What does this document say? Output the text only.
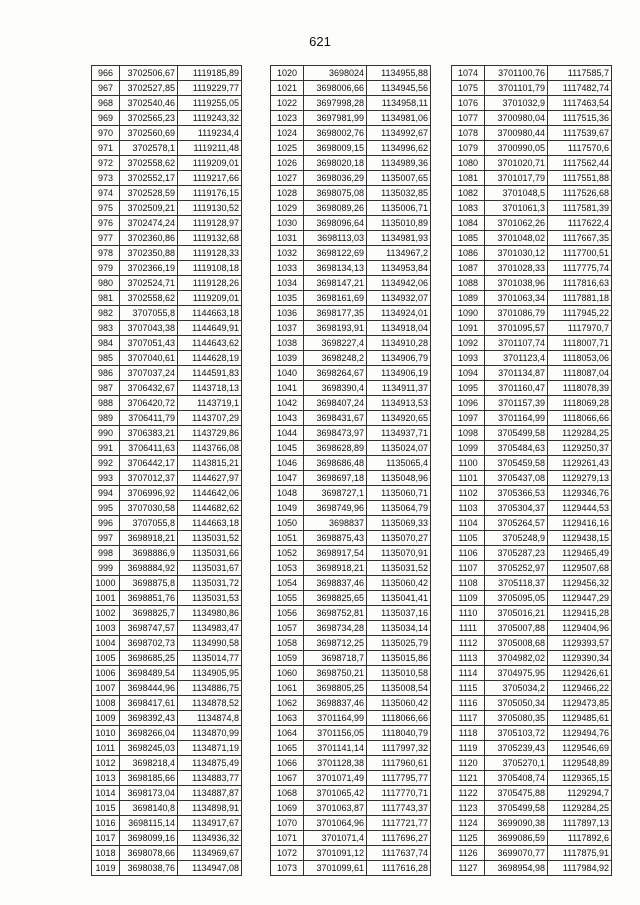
621
966	3702506,67	1119185,89
967	3702527,85	1119229,77
968	3702540,46	1119255,05
969	3702565,23	1119243,32
970	3702560,69	1119234,4
971	3702578,1	1119211,48
972	3702558,62	1119209,01
973	3702552,17	1119217,66
974	3702528,59	1119176,15
975	3702509,21	1119130,52
976	3702474,24	1119128,97
977	3702360,86	1119132,68
978	3702350,88	1119128,33
979	3702366,19	1119108,18
980	3702524,71	1119128,26
981	3702558,62	1119209,01
982	3707055,8	1144663,18
983	3707043,38	1144649,91
984	3707051,43	1144643,62
985	3707040,61	1144628,19
986	3707037,24	1144591,83
987	3706432,67	1143718,13
988	3706420,72	1143719,1
989	3706411,79	1143707,29
990	3706383,21	1143729,86
991	3706411,63	1143766,08
992	3706442,17	1143815,21
993	3707012,37	1144627,97
994	3706996,92	1144642,06
995	3707030,58	1144682,62
996	3707055,8	1144663,18
997	3698918,21	1135031,52
998	3698886,9	1135031,66
999	3698884,92	1135031,67
1000	3698875,8	1135031,72
1001	3698851,76	1135031,53
1002	3698825,7	1134980,86
1003	3698747,57	1134983,47
1004	3698702,73	1134990,58
1005	3698685,25	1135014,77
1006	3698489,54	1134905,95
1007	3698444,96	1134886,75
1008	3698417,61	1134878,52
1009	3698392,43	1134874,8
1010	3698266,04	1134870,99
1011	3698245,03	1134871,19
1012	3698218,4	1134875,49
1013	3698185,66	1134883,77
1014	3698173,04	1134887,87
1015	3698140,8	1134898,91
1016	3698115,14	1134917,67
1017	3698099,16	1134936,32
1018	3698078,66	1134969,67
1019	3698038,76	1134947,08
1020	3698024	1134955,88
1021	3698006,66	1134945,56
1022	3697998,28	1134958,11
1023	3697981,99	1134981,06
1024	3698002,76	1134992,67
1025	3698009,15	1134996,62
1026	3698020,18	1134989,36
1027	3698036,29	1135007,65
1028	3698075,08	1135032,85
1029	3698089,26	1135006,71
1030	3698096,64	1135010,89
1031	3698113,03	1134981,93
1032	3698122,69	1134967,2
1033	3698134,13	1134953,84
1034	3698147,21	1134942,06
1035	3698161,69	1134932,07
1036	3698177,35	1134924,01
1037	3698193,91	1134918,04
1038	3698227,4	1134910,28
1039	3698248,2	1134906,79
1040	3698264,67	1134906,19
1041	3698390,4	1134911,37
1042	3698407,24	1134913,53
1043	3698431,67	1134920,65
1044	3698473,97	1134937,71
1045	3698628,89	1135024,07
1046	3698686,48	1135065,4
1047	3698697,18	1135048,96
1048	3698727,1	1135060,71
1049	3698749,96	1135064,79
1050	3698837	1135069,33
1051	3698875,43	1135070,27
1052	3698917,54	1135070,91
1053	3698918,21	1135031,52
1054	3698837,46	1135060,42
1055	3698825,65	1135041,41
1056	3698752,81	1135037,16
1057	3698734,28	1135034,14
1058	3698712,25	1135025,79
1059	3698718,7	1135015,86
1060	3698750,21	1135010,58
1061	3698805,25	1135008,54
1062	3698837,46	1135060,42
1063	3701164,99	1118066,66
1064	3701156,05	1118040,79
1065	3701141,14	1117997,32
1066	3701128,38	1117960,61
1067	3701071,49	1117795,77
1068	3701065,42	1117770,71
1069	3701063,87	1117743,37
1070	3701064,96	1117721,77
1071	3701071,4	1117696,27
1072	3701091,12	1117637,74
1073	3701099,61	1117616,28
1074	3701100,76	1117585,7
1075	3701101,79	1117482,74
1076	3701032,9	1117463,54
1077	3700980,04	1117515,36
1078	3700980,44	1117539,67
1079	3700990,05	1117570,6
1080	3701020,71	1117562,44
1081	3701017,79	1117551,88
1082	3701048,5	1117526,68
1083	3701061,3	1117581,39
1084	3701062,26	1117622,4
1085	3701048,02	1117667,35
1086	3701030,12	1117700,51
1087	3701028,33	1117775,74
1088	3701038,96	1117816,63
1089	3701063,34	1117881,18
1090	3701086,79	1117945,22
1091	3701095,57	1117970,7
1092	3701107,74	1118007,71
1093	3701123,4	1118053,06
1094	3701134,87	1118087,04
1095	3701160,47	1118078,39
1096	3701157,39	1118069,28
1097	3701164,99	1118066,66
1098	3705499,58	1129284,25
1099	3705484,63	1129250,37
1100	3705459,58	1129261,43
1101	3705437,08	1129279,13
1102	3705366,53	1129346,76
1103	3705304,37	1129444,53
1104	3705264,57	1129416,16
1105	3705248,9	1129438,15
1106	3705287,23	1129465,49
1107	3705252,97	1129507,68
1108	3705118,37	1129456,32
1109	3705095,05	1129447,29
1110	3705016,21	1129415,28
1111	3705007,88	1129404,96
1112	3705008,68	1129393,57
1113	3704982,02	1129390,34
1114	3704975,95	1129426,61
1115	3705034,2	1129466,22
1116	3705050,34	1129473,85
1117	3705080,35	1129485,61
1118	3705103,72	1129494,76
1119	3705239,43	1129546,69
1120	3705270,1	1129548,89
1121	3705408,74	1129365,15
1122	3705475,88	1129294,7
1123	3705499,58	1129284,25
1124	3699090,38	1117897,13
1125	3699086,59	1117892,6
1126	3699070,77	1117875,91
1127	3698954,98	1117984,92
